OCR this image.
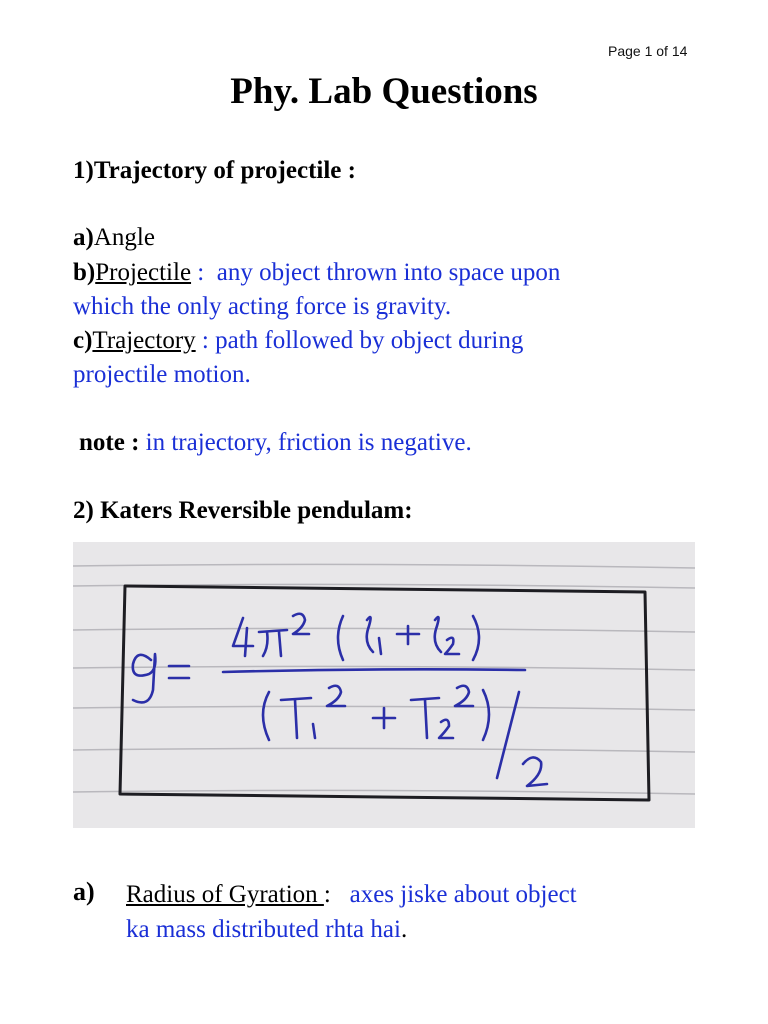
Page 1 of 14
Phy. Lab Questions
1)Trajectory of projectile :
a)Angle
b)Projectile :  any object thrown into space upon
which the only acting force is gravity.
c)Trajectory : path followed by object during
projectile motion.
note : in trajectory, friction is negative.
2) Katers Reversible pendulam:
a) Radius of Gyration : axes jiske about object
ka mass distributed rhta hai.
